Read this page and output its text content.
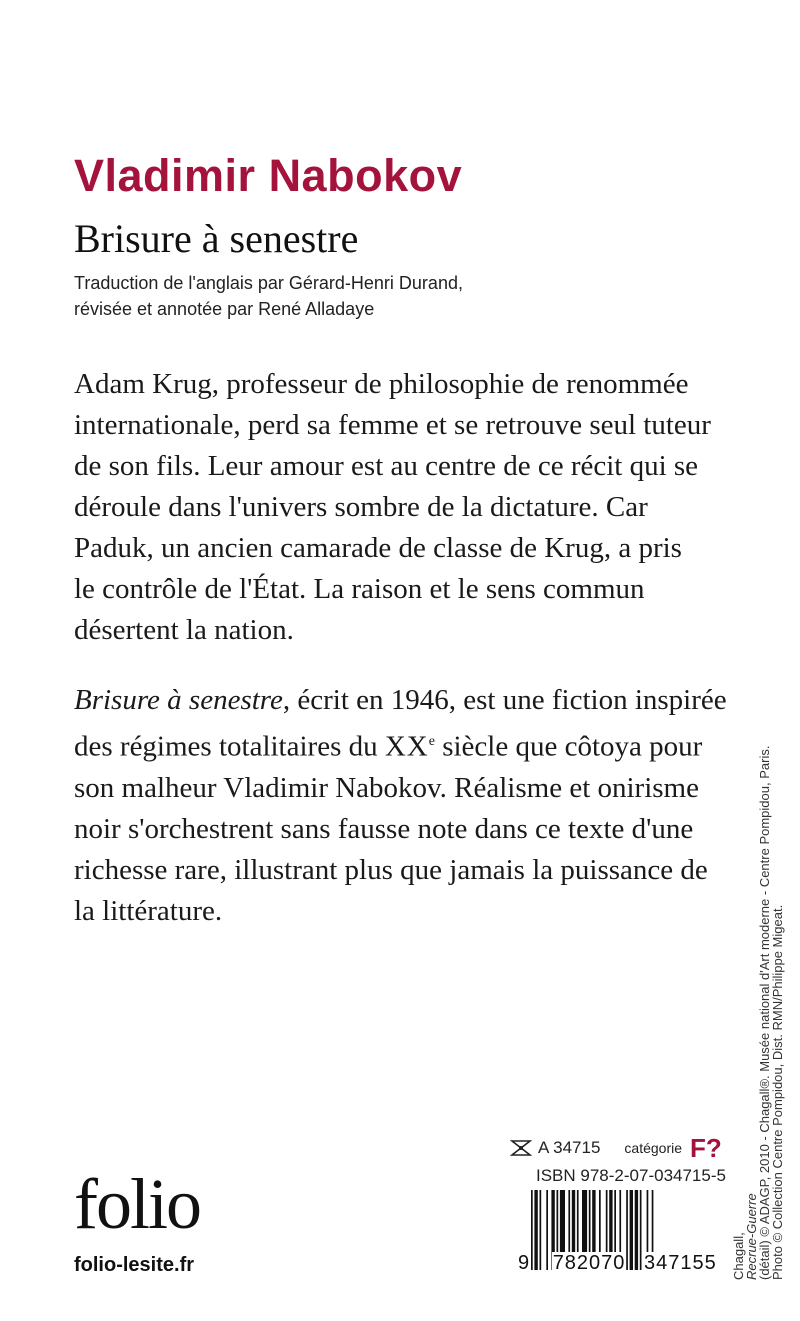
Vladimir Nabokov
Brisure à senestre

Traduction de l'anglais par Gérard-Henri Durand,
révisée et annotée par René Alladaye

Adam Krug, professeur de philosophie de renommée
internationale, perd sa femme et se retrouve seul tuteur
de son fils. Leur amour est au centre de ce récit qui se
déroule dans l'univers sombre de la dictature. Car
Paduk, un ancien camarade de classe de Krug, a pris
le contrôle de l'État. La raison et le sens commun
désertent la nation.

Brisure à senestre, écrit en 1946, est une fiction inspirée
des régimes totalitaires du XXe siècle que côtoya pour
son malheur Vladimir Nabokov. Réalisme et onirisme
noir s'orchestrent sans fausse note dans ce texte d'une
richesse rare, illustrant plus que jamais la puissance de
la littérature.

Chagall,
Recrue-Guerre
(détail) © ADAGP, 2010 - Chagall®. Musée national d'Art moderne - Centre Pompidou, Paris.
Photo © Collection Centre Pompidou, Dist. RMN/Philippe Migeat.
folio
folio-lesite.fr
A 34715 catégorie F?
ISBN 978-2-07-034715-5
9 782070 347155
